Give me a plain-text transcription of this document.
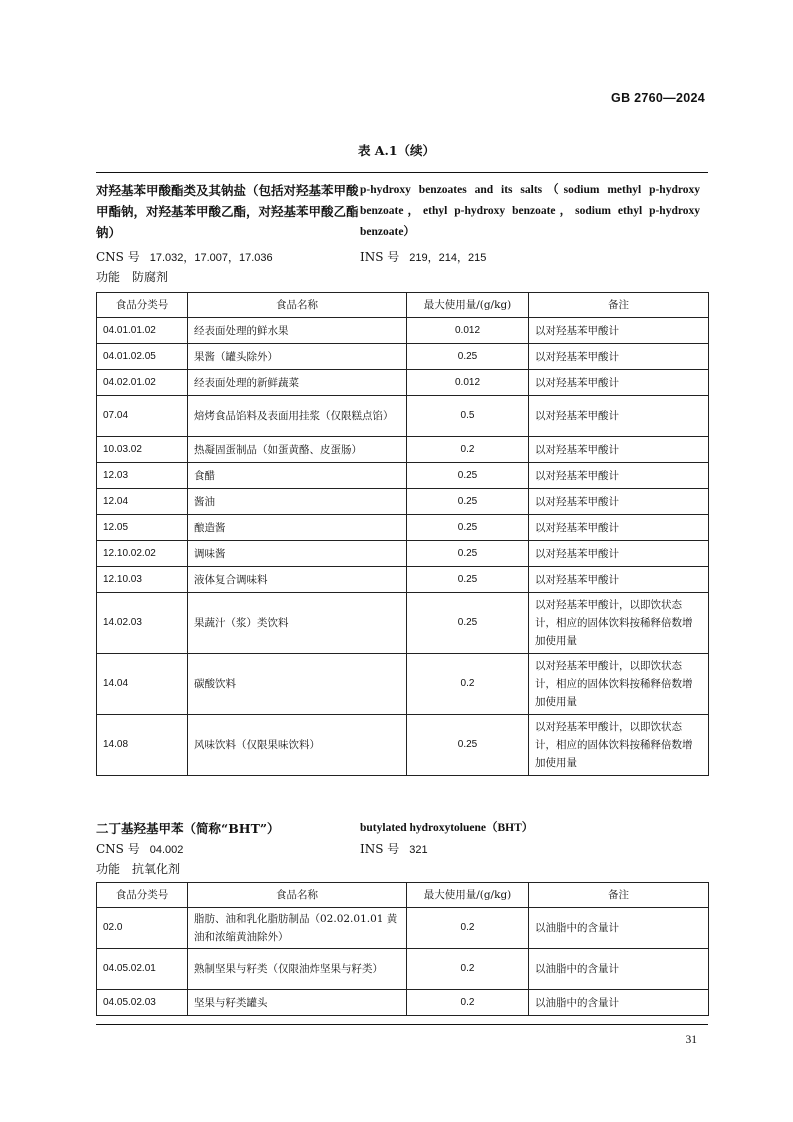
GB 2760—2024
表 A.1（续）
对羟基苯甲酸酯类及其钠盐（包括对羟基苯甲酸甲酯钠，对羟基苯甲酸乙酯，对羟基苯甲酸乙酯钠）
p-hydroxy benzoates and its salts（sodium methyl p-hydroxy benzoate，ethyl p-hydroxy benzoate，sodium ethyl p-hydroxy benzoate）
CNS 号 17.032，17.007，17.036	INS 号 219，214，215
功能 防腐剂
食品分类号	食品名称	最大使用量/(g/kg)	备注
04.01.01.02	经表面处理的鲜水果	0.012	以对羟基苯甲酸计
04.01.02.05	果酱（罐头除外）	0.25	以对羟基苯甲酸计
04.02.01.02	经表面处理的新鲜蔬菜	0.012	以对羟基苯甲酸计
07.04	焙烤食品馅料及表面用挂浆（仅限糕点馅）	0.5	以对羟基苯甲酸计
10.03.02	热凝固蛋制品（如蛋黄酪、皮蛋肠）	0.2	以对羟基苯甲酸计
12.03	食醋	0.25	以对羟基苯甲酸计
12.04	酱油	0.25	以对羟基苯甲酸计
12.05	酿造酱	0.25	以对羟基苯甲酸计
12.10.02.02	调味酱	0.25	以对羟基苯甲酸计
12.10.03	液体复合调味料	0.25	以对羟基苯甲酸计
14.02.03	果蔬汁（浆）类饮料	0.25	以对羟基苯甲酸计，以即饮状态计，相应的固体饮料按稀释倍数增加使用量
14.04	碳酸饮料	0.2	以对羟基苯甲酸计，以即饮状态计，相应的固体饮料按稀释倍数增加使用量
14.08	风味饮料（仅限果味饮料）	0.25	以对羟基苯甲酸计，以即饮状态计，相应的固体饮料按稀释倍数增加使用量
二丁基羟基甲苯（简称“BHT”）	butylated hydroxytoluene（BHT）
CNS 号 04.002	INS 号 321
功能 抗氧化剂
食品分类号	食品名称	最大使用量/(g/kg)	备注
02.0	脂肪、油和乳化脂肪制品（02.02.01.01 黄油和浓缩黄油除外）	0.2	以油脂中的含量计
04.05.02.01	熟制坚果与籽类（仅限油炸坚果与籽类）	0.2	以油脂中的含量计
04.05.02.03	坚果与籽类罐头	0.2	以油脂中的含量计
31
